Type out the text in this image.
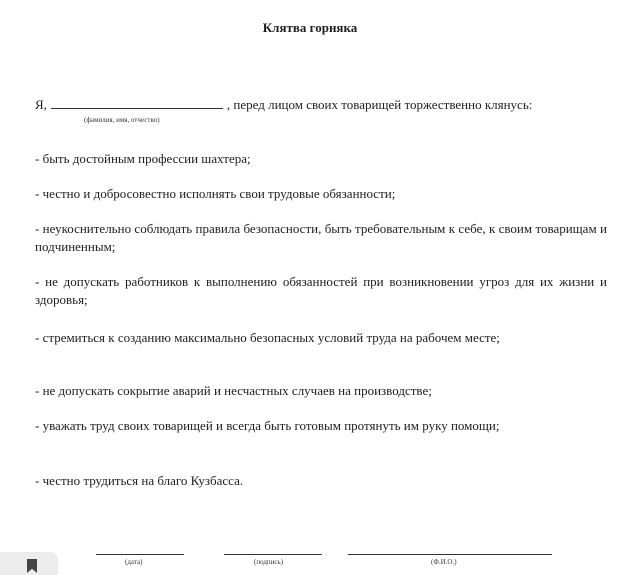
Клятва горняка
Я,	, перед лицом своих товарищей торжественно клянусь:
(фамилия, имя, отчество)
- быть достойным профессии шахтера;
- честно и добросовестно исполнять свои трудовые обязанности;
- неукоснительно соблюдать правила безопасности, быть требовательным к себе, к своим товарищам и подчиненным;
- не допускать работников к выполнению обязанностей при возникновении угроз для их жизни и здоровья;
- стремиться к созданию максимально безопасных условий труда на рабочем месте;
- не допускать сокрытие аварий и несчастных случаев на производстве;
- уважать труд своих товарищей и всегда быть готовым протянуть им руку помощи;
- честно трудиться на благо Кузбасса.
(дата)	(подпись)	(Ф.И.О.)
